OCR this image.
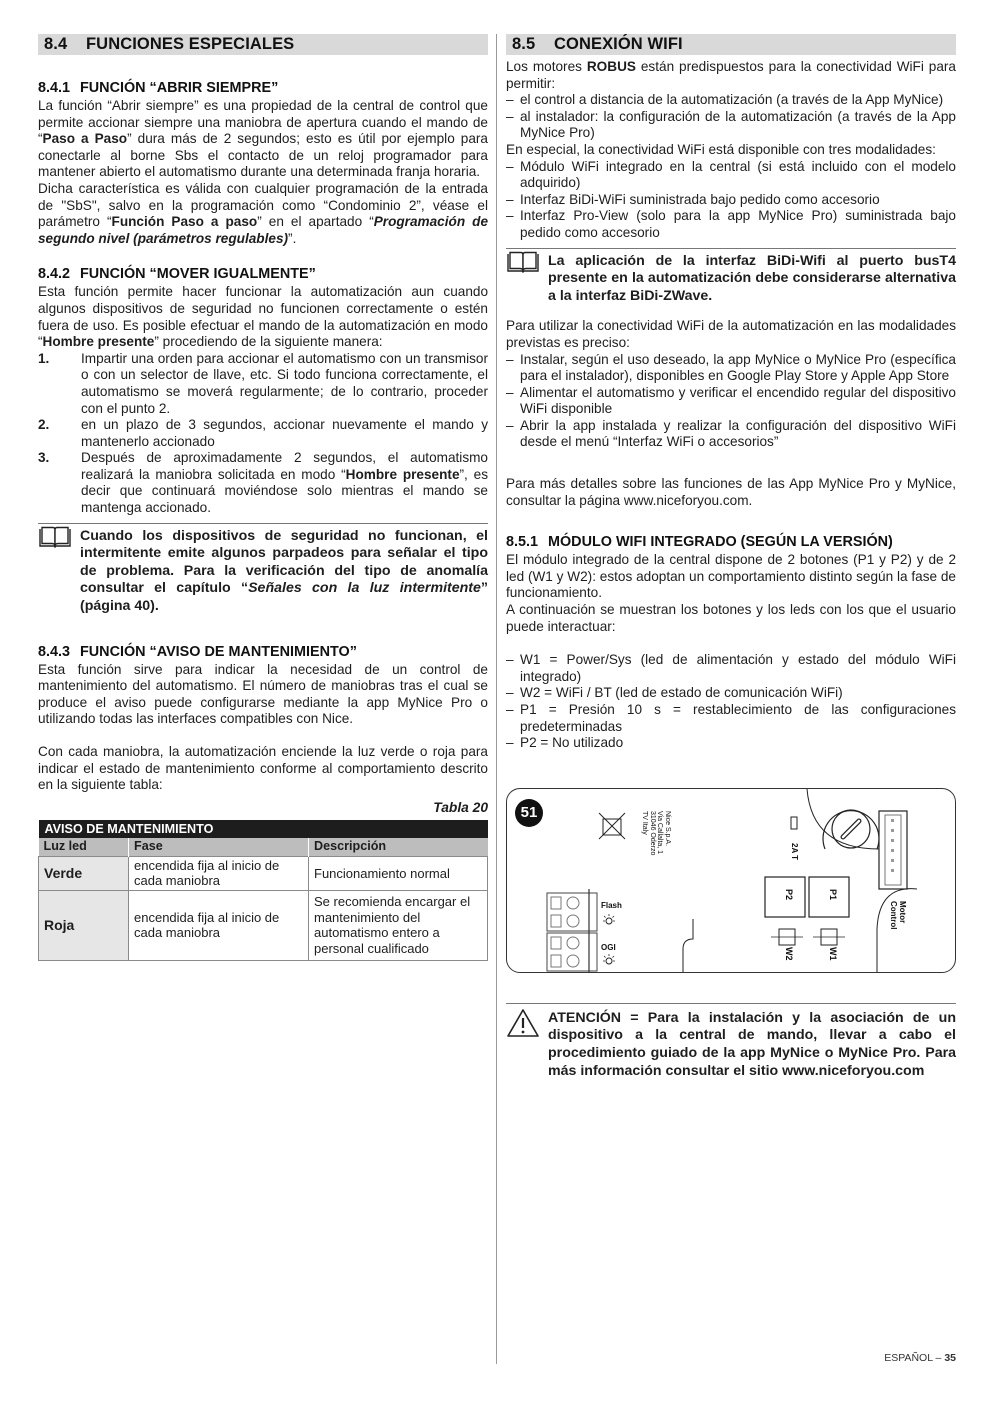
8.4 FUNCIONES ESPECIALES
8.4.1 FUNCIÓN “ABRIR SIEMPRE”

La función “Abrir siempre” es una propiedad de la central de control que permite accionar siempre una maniobra de apertura cuando el mando de “Paso a Paso” dura más de 2 segundos; esto es útil por ejemplo para conectarle al borne Sbs el contacto de un reloj programador para mantener abierto el automatismo durante una determinada franja horaria.

Dicha característica es válida con cualquier programación de la entrada de "SbS", salvo en la programación como “Condominio 2”, véase el parámetro “Función Paso a paso” en el apartado “Programación de segundo nivel (parámetros regulables)”.

8.4.2 FUNCIÓN “MOVER IGUALMENTE”

Esta función permite hacer funcionar la automatización aun cuando algunos dispositivos de seguridad no funcionen correctamente o estén fuera de uso. Es posible efectuar el mando de la automatización en modo “Hombre presente” procediendo de la siguiente manera:

1. Impartir una orden para accionar el automatismo con un transmisor o con un selector de llave, etc. Si todo funciona correctamente, el automatismo se moverá regularmente; de lo contrario, proceder con el punto 2.
2. en un plazo de 3 segundos, accionar nuevamente el mando y mantenerlo accionado
3. Después de aproximadamente 2 segundos, el automatismo realizará la maniobra solicitada en modo “Hombre presente”, es decir que continuará moviéndose solo mientras el mando se mantenga accionado.
Cuando los dispositivos de seguridad no funcionan, el intermitente emite algunos parpadeos para señalar el tipo de problema. Para la verificación del tipo de anomalía consultar el capítulo “Señales con la luz intermitente” (página 40).
8.4.3 FUNCIÓN “AVISO DE MANTENIMIENTO”

Esta función sirve para indicar la necesidad de un control de mantenimiento del automatismo. El número de maniobras tras el cual se produce el aviso puede configurarse mediante la app MyNice Pro o utilizando todas las interfaces compatibles con Nice.

Con cada maniobra, la automatización enciende la luz verde o roja para indicar el estado de mantenimiento conforme al comportamiento descrito en la siguiente tabla:

Tabla 20
AVISO DE MANTENIMIENTO		
Luz led	Fase	Descripción
Verde	encendida fija al inicio de cada maniobra	Funcionamiento normal
Roja	encendida fija al inicio de cada maniobra	Se recomienda encargar el mantenimiento del automatismo entero a personal cualificado
8.5 CONEXIÓN WIFI

Los motores ROBUS están predispuestos para la conectividad WiFi para permitir:

– el control a distancia de la automatización (a través de la App MyNice)
– al instalador: la configuración de la automatización (a través de la App MyNice Pro)

En especial, la conectividad WiFi está disponible con tres modalidades:

– Módulo WiFi integrado en la central (si está incluido con el modelo adquirido)
– Interfaz BiDi-WiFi suministrada bajo pedido como accesorio
– Interfaz Pro-View (solo para la app MyNice Pro) suministrada bajo pedido como accesorio
La aplicación de la interfaz BiDi-Wifi al puerto busT4 presente en la automatización debe considerarse alternativa a la interfaz BiDi-ZWave.

Para utilizar la conectividad WiFi de la automatización en las modalidades previstas es preciso:

– Instalar, según el uso deseado, la app MyNice o MyNice Pro (específica para el instalador), disponibles en Google Play Store y Apple App Store
– Alimentar el automatismo y verificar el encendido regular del dispositivo WiFi disponible
– Abrir la app instalada y realizar la configuración del dispositivo WiFi desde el menú “Interfaz WiFi o accesorios”

Para más detalles sobre las funciones de las App MyNice Pro y MyNice, consultar la página www.niceforyou.com.

8.5.1 MÓDULO WIFI INTEGRADO (SEGÚN LA VERSIÓN)

El módulo integrado de la central dispone de 2 botones (P1 y P2) y de 2 led (W1 y W2): estos adoptan un comportamiento distinto según la fase de funcionamiento.

A continuación se muestran los botones y los leds con los que el usuario puede interactuar:

– W1 = Power/Sys (led de alimentación y estado del módulo WiFi integrado)
– W2 = WiFi / BT (led de estado de comunicación WiFi)
– P1 = Presión 10 s = restablecimiento de las configuraciones predeterminadas
– P2 = No utilizado
51
Flash
OGI
2A T
P2	P1
W2	W1
Motor
Control
Nice S.p.A.
Via Callalta, 1
31046 Oderzo
TV Italy
ATENCIÓN = Para la instalación y la asociación de un dispositivo a la central de mando, llevar a cabo el procedimiento guiado de la app MyNice o MyNice Pro. Para más información consultar el sitio www.niceforyou.com
ESPAÑOL – 35
